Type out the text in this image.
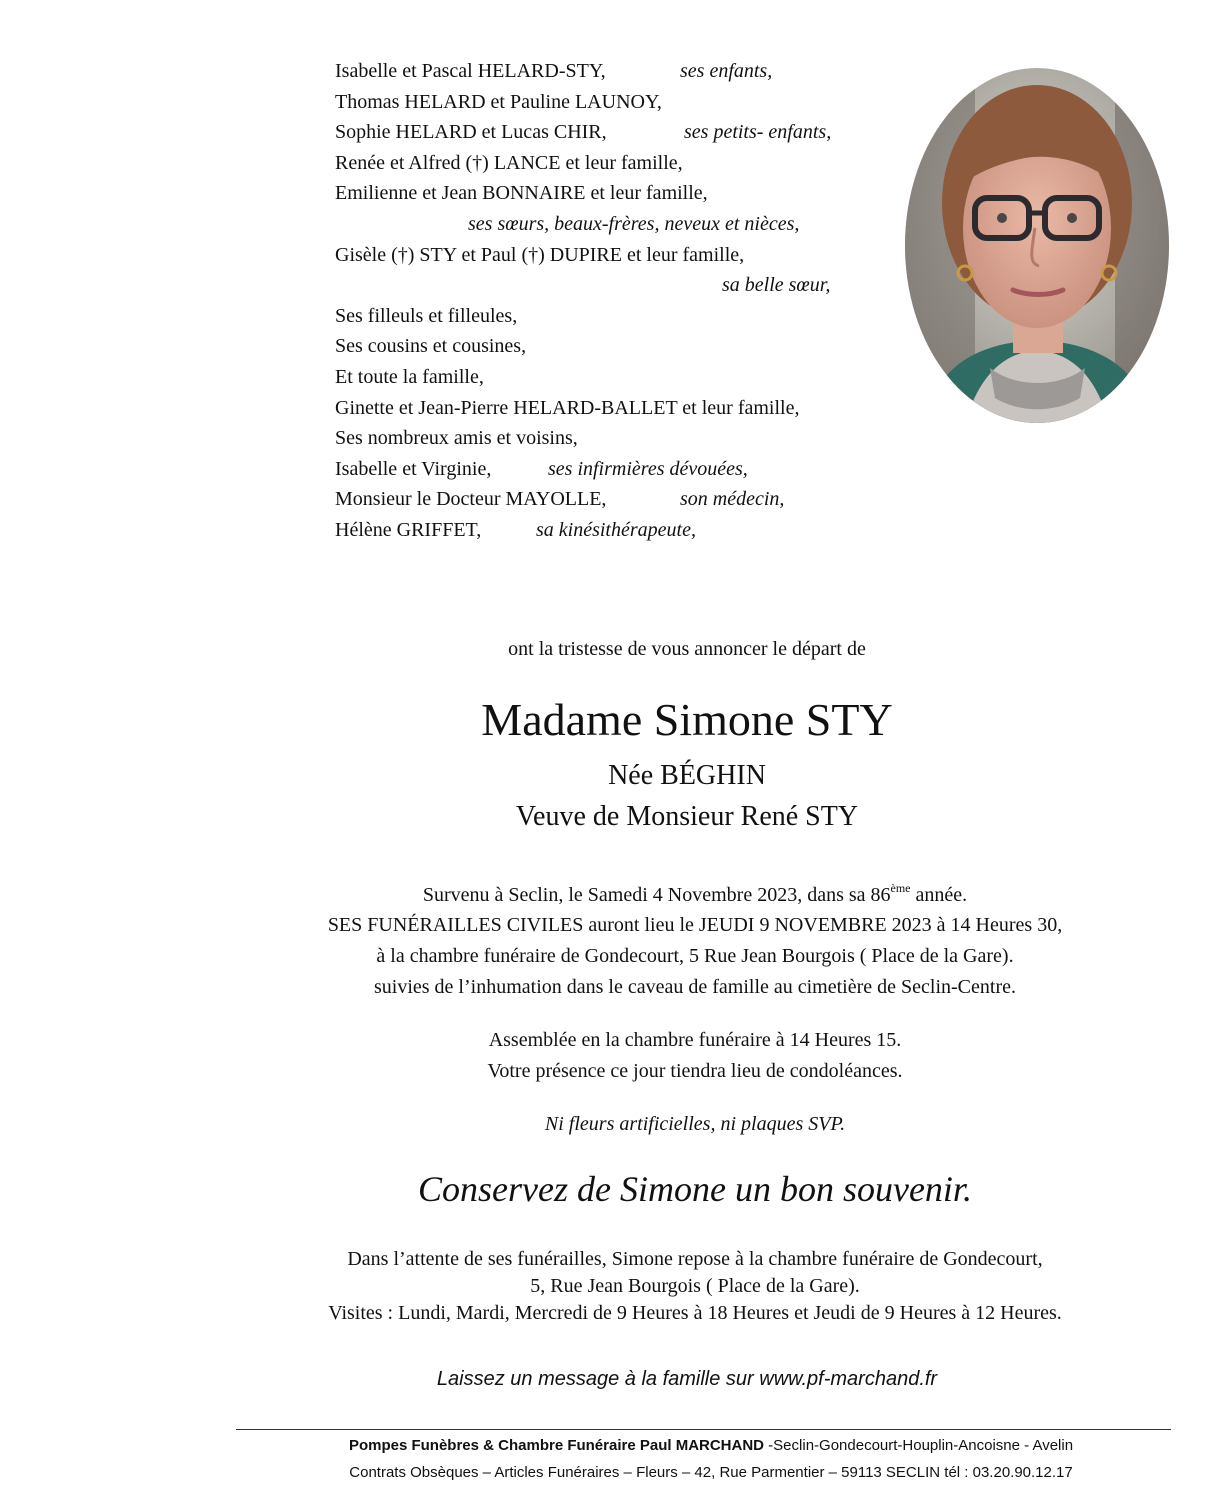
Isabelle et Pascal HELARD-STY,	ses enfants,
Thomas HELARD et Pauline LAUNOY,
Sophie HELARD et Lucas CHIR,	ses petits- enfants,
Renée et Alfred (†) LANCE et leur famille,
Emilienne et Jean BONNAIRE et leur famille,
ses sœurs, beaux-frères, neveux et nièces,
Gisèle (†) STY et Paul (†) DUPIRE et leur famille,
sa belle sœur,
Ses filleuls et filleules,
Ses cousins et cousines,
Et toute la famille,
Ginette et Jean-Pierre HELARD-BALLET et leur famille,
Ses nombreux amis et voisins,
Isabelle et Virginie,	ses infirmières dévouées,
Monsieur le Docteur MAYOLLE,	son médecin,
Hélène GRIFFET,	sa kinésithérapeute,
ont la tristesse de vous annoncer le départ de
Madame Simone STY
Née BÉGHIN
Veuve de Monsieur René STY
Survenu à Seclin, le Samedi 4 Novembre 2023, dans sa 86ème année.
SES FUNÉRAILLES CIVILES auront lieu le JEUDI 9 NOVEMBRE 2023 à 14 Heures 30,
à la chambre funéraire de Gondecourt, 5 Rue Jean Bourgois ( Place de la Gare).
suivies de l’inhumation dans le caveau de famille au cimetière de Seclin-Centre.
Assemblée en la chambre funéraire à 14 Heures 15.
Votre présence ce jour tiendra lieu de condoléances.
Ni fleurs artificielles, ni plaques SVP.
Conservez de Simone un bon souvenir.
Dans l’attente de ses funérailles, Simone repose à la chambre funéraire de Gondecourt,
5, Rue Jean Bourgois ( Place de la Gare).
Visites : Lundi, Mardi, Mercredi de 9 Heures à 18 Heures et Jeudi de 9 Heures à 12 Heures.
Laissez un message à la famille sur www.pf-marchand.fr
Pompes Funèbres & Chambre Funéraire Paul MARCHAND -Seclin-Gondecourt-Houplin-Ancoisne - Avelin
Contrats Obsèques – Articles Funéraires – Fleurs – 42, Rue Parmentier – 59113 SECLIN tél : 03.20.90.12.17
